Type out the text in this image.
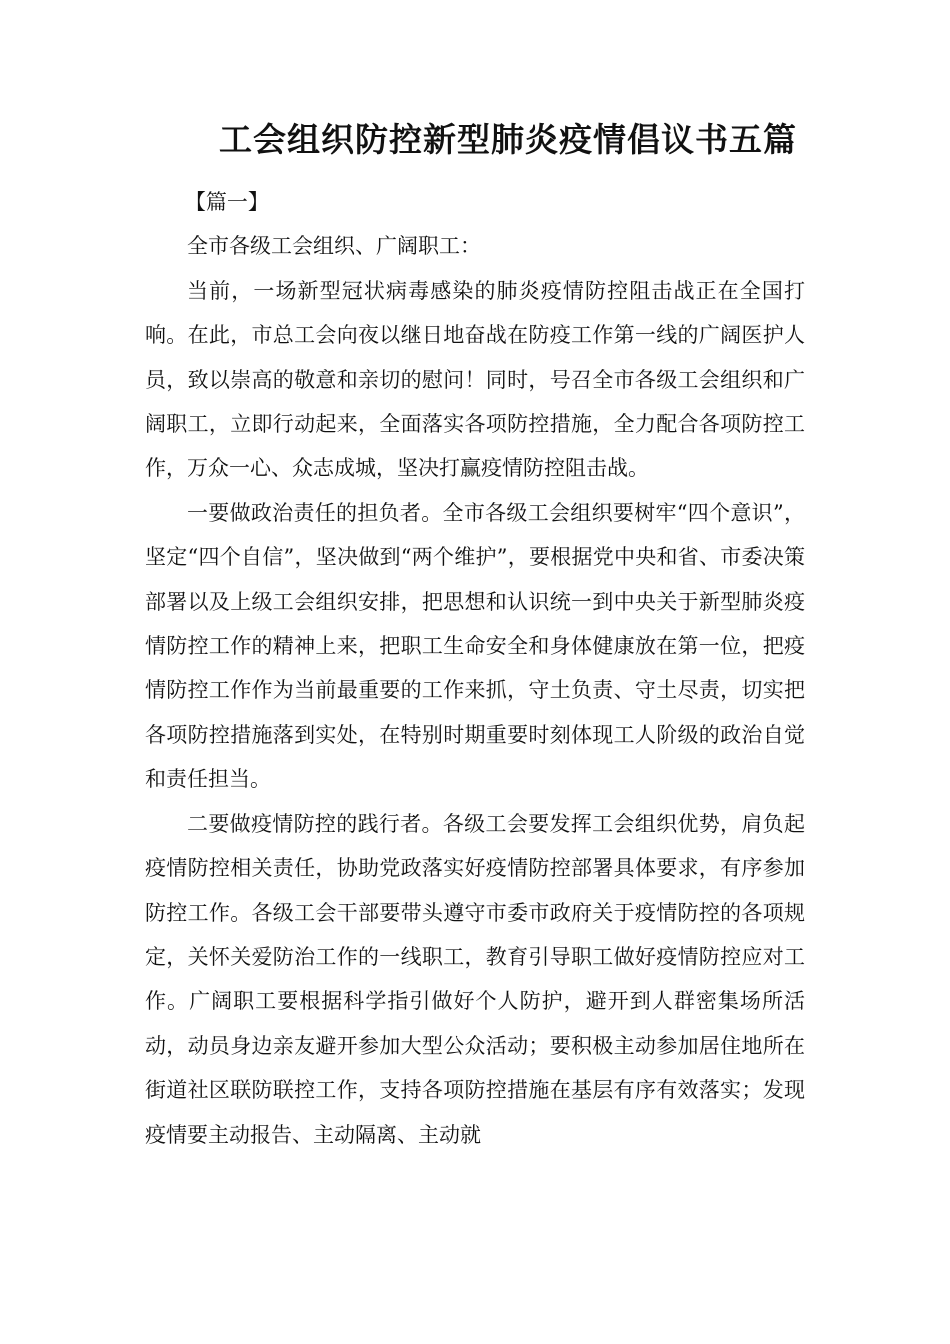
工会组织防控新型肺炎疫情倡议书五篇

【篇一】

全市各级工会组织、广阔职工：

当前，一场新型冠状病毒感染的肺炎疫情防控阻击战正在全国打响。在此，市总工会向夜以继日地奋战在防疫工作第一线的广阔医护人员，致以崇高的敬意和亲切的慰问！同时，号召全市各级工会组织和广阔职工，立即行动起来，全面落实各项防控措施，全力配合各项防控工作，万众一心、众志成城，坚决打赢疫情防控阻击战。

一要做政治责任的担负者。全市各级工会组织要树牢“四个意识”，坚定“四个自信”，坚决做到“两个维护”，要根据党中央和省、市委决策部署以及上级工会组织安排，把思想和认识统一到中央关于新型肺炎疫情防控工作的精神上来，把职工生命安全和身体健康放在第一位，把疫情防控工作作为当前最重要的工作来抓，守土负责、守土尽责，切实把各项防控措施落到实处，在特别时期重要时刻体现工人阶级的政治自觉和责任担当。

二要做疫情防控的践行者。各级工会要发挥工会组织优势，肩负起疫情防控相关责任，协助党政落实好疫情防控部署具体要求，有序参加防控工作。各级工会干部要带头遵守市委市政府关于疫情防控的各项规定，关怀关爱防治工作的一线职工，教育引导职工做好疫情防控应对工作。广阔职工要根据科学指引做好个人防护，避开到人群密集场所活动，动员身边亲友避开参加大型公众活动；要积极主动参加居住地所在街道社区联防联控工作，支持各项防控措施在基层有序有效落实；发现疫情要主动报告、主动隔离、主动就
